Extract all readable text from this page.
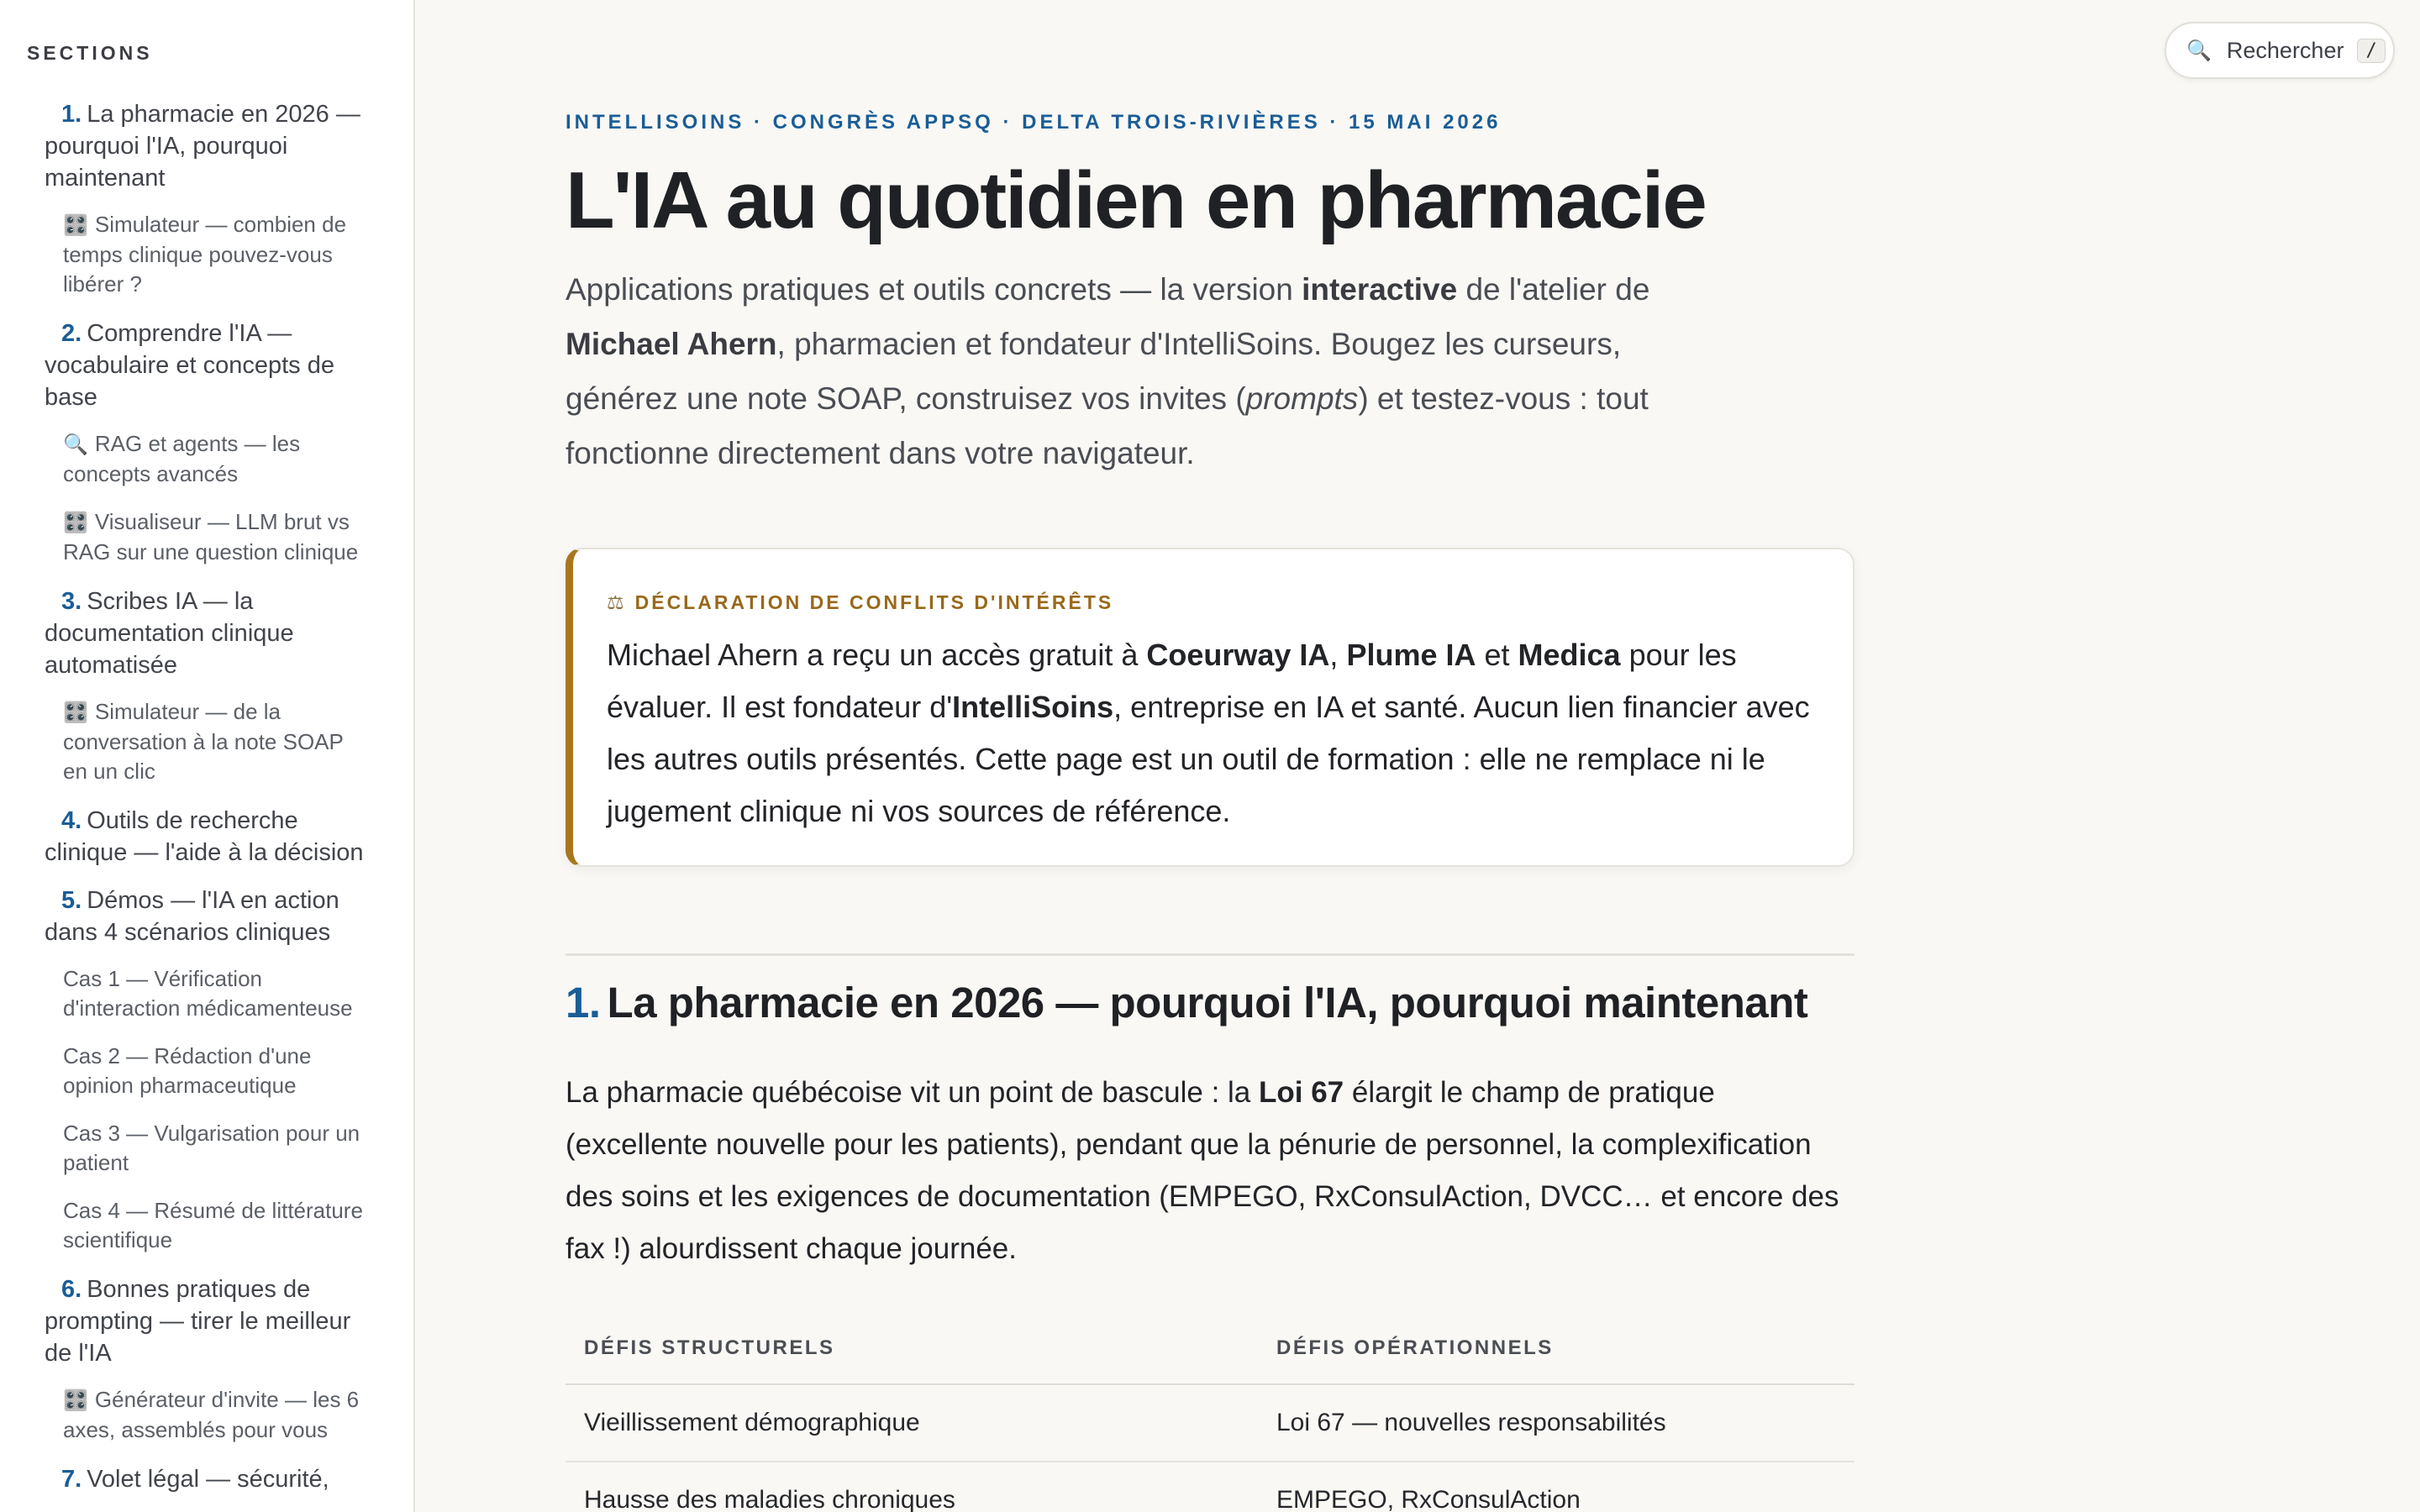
SECTIONS
1. La pharmacie en 2026 — pourquoi l'IA, pourquoi maintenant
🎛️ Simulateur — combien de temps clinique pouvez-vous libérer ?
2. Comprendre l'IA — vocabulaire et concepts de base
🔍 RAG et agents — les concepts avancés
🎛️ Visualiseur — LLM brut vs RAG sur une question clinique
3. Scribes IA — la documentation clinique automatisée
🎛️ Simulateur — de la conversation à la note SOAP en un clic
4. Outils de recherche clinique — l'aide à la décision
5. Démos — l'IA en action dans 4 scénarios cliniques
Cas 1 — Vérification d'interaction médicamenteuse
Cas 2 — Rédaction d'une opinion pharmaceutique
Cas 3 — Vulgarisation pour un patient
Cas 4 — Résumé de littérature scientifique
6. Bonnes pratiques de prompting — tirer le meilleur de l'IA
🎛️ Générateur d'invite — les 6 axes, assemblés pour vous
7. Volet légal — sécurité,
🔍 Rechercher	/
INTELLISOINS · CONGRÈS APPSQ · DELTA TROIS-RIVIÈRES · 15 MAI 2026
L'IA au quotidien en pharmacie

Applications pratiques et outils concrets — la version interactive de l'atelier de Michael Ahern, pharmacien et fondateur d'IntelliSoins. Bougez les curseurs, générez une note SOAP, construisez vos invites (prompts) et testez-vous : tout fonctionne directement dans votre navigateur.

⚖ DÉCLARATION DE CONFLITS D'INTÉRÊTS
Michael Ahern a reçu un accès gratuit à Coeurway IA, Plume IA et Medica pour les évaluer. Il est fondateur d'IntelliSoins, entreprise en IA et santé. Aucun lien financier avec les autres outils présentés. Cette page est un outil de formation : elle ne remplace ni le jugement clinique ni vos sources de référence.
1. La pharmacie en 2026 — pourquoi l'IA, pourquoi maintenant

La pharmacie québécoise vit un point de bascule : la Loi 67 élargit le champ de pratique (excellente nouvelle pour les patients), pendant que la pénurie de personnel, la complexification des soins et les exigences de documentation (EMPEGO, RxConsulAction, DVCC… et encore des fax !) alourdissent chaque journée.

DÉFIS STRUCTURELS	DÉFIS OPÉRATIONNELS
Vieillissement démographique	Loi 67 — nouvelles responsabilités
Hausse des maladies chroniques	EMPEGO, RxConsulAction
